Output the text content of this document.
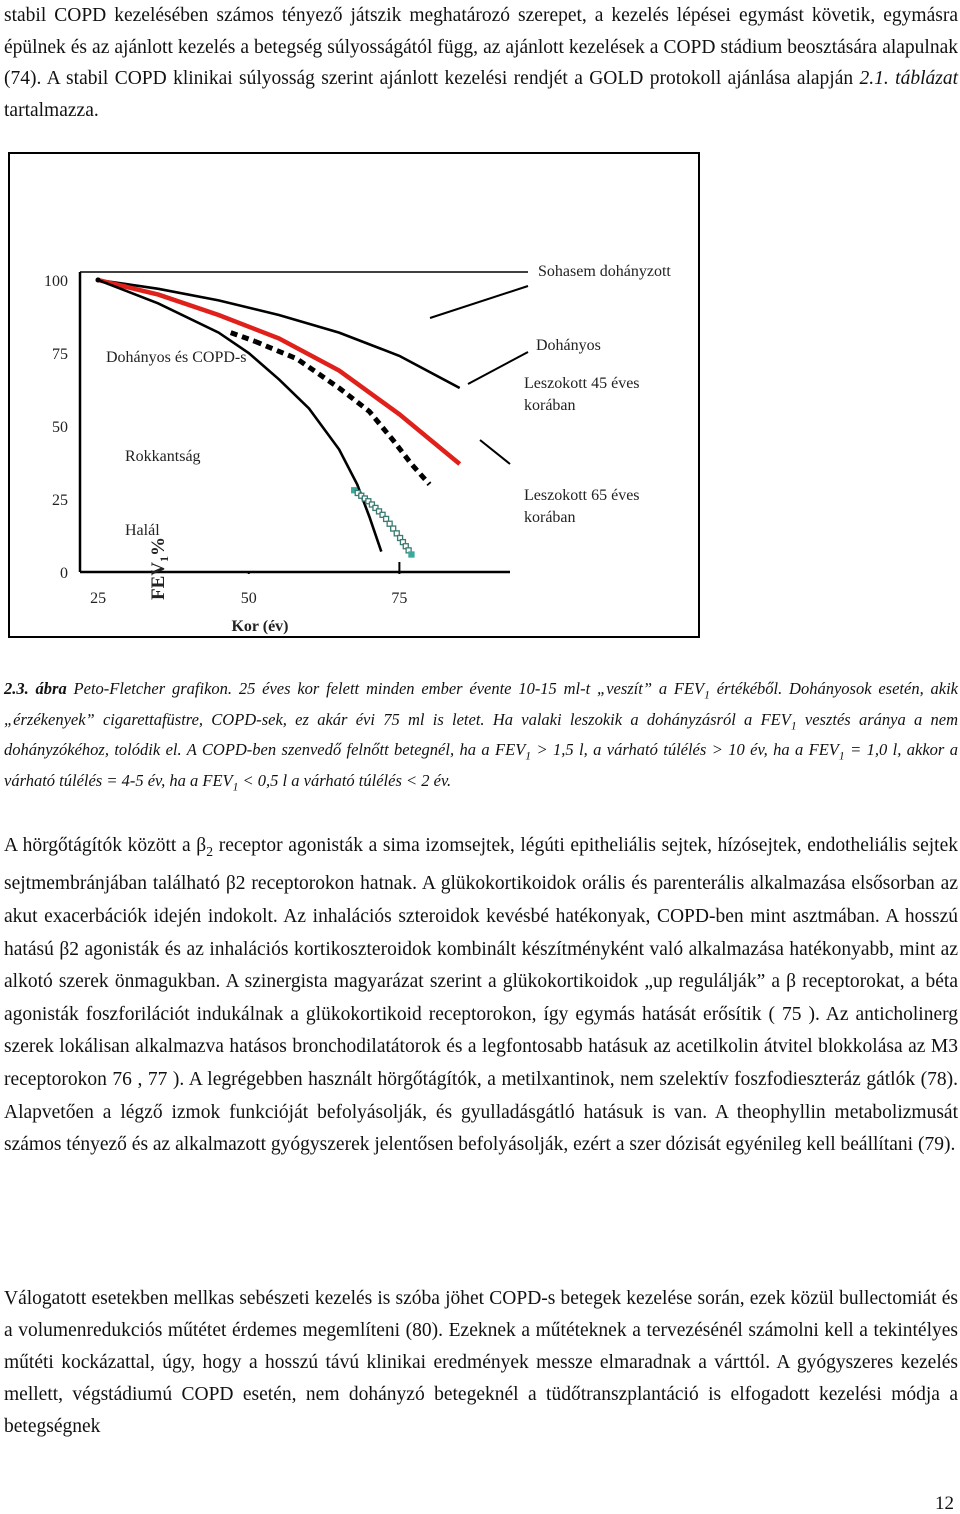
stabil COPD kezelésében számos tényező játszik meghatározó szerepet, a kezelés lépései egymást követik, egymásra épülnek és az ajánlott kezelés a betegség súlyosságától függ, az ajánlott kezelések a COPD stádium beosztására alapulnak (74). A stabil COPD klinikai súlyosság szerint ajánlott kezelési rendjét a GOLD protokoll ajánlása alapján 2.1. táblázat tartalmazza.

100
75
50
25
0
25	50	75
Kor (év)
$FEV_1\%$
Sohasem dohányzott
Dohányos és COPD-s
Dohányos
Leszokott 45 éves
korában
Rokkantság
Leszokott 65 éves
korában
Halál

2.3. ábra Peto-Fletcher grafikon. 25 éves kor felett minden ember évente 10-15 ml-t „veszít” a $FEV_1$ értékéből. Dohányosok esetén, akik „érzékenyek” cigarettafüstre, COPD-sek, ez akár évi 75 ml is letet. Ha valaki leszokik a dohányzásról a $FEV_1$ vesztés aránya a nem dohányzókéhoz, tolódik el. A COPD-ben szenvedő felnőtt betegnél, ha a $FEV_1 > 1,5$ l, a várható túlélés > 10 év, ha a $FEV_1 = 1,0$ l, akkor a várható túlélés = 4-5 év, ha a $FEV_1 < 0,5$ l a várható túlélés < 2 év.

A hörgőtágítók között a $\beta_2$ receptor agonisták a sima izomsejtek, légúti epitheliális sejtek, hízósejtek, endotheliális sejtek sejtmembránjában található β2 receptorokon hatnak. A glükokortikoidok orális és parenterális alkalmazása elsősorban az akut exacerbációk idején indokolt. Az inhalációs szteroidok kevésbé hatékonyak, COPD-ben mint asztmában. A hosszú hatású β2 agonisták és az inhalációs kortikoszteroidok kombinált készítményként való alkalmazása hatékonyabb, mint az alkotó szerek önmagukban. A szinergista magyarázat szerint a glükokortikoidok „up regulálják” a β receptorokat, a béta agonisták foszforilációt indukálnak a glükokortikoid receptorokon, így egymás hatását erősítik ( 75 ). Az anticholinerg szerek lokálisan alkalmazva hatásos bronchodilatátorok és a legfontosabb hatásuk az acetilkolin átvitel blokkolása az M3 receptorokon 76 , 77 ). A legrégebben használt hörgőtágítók, a metilxantinok, nem szelektív foszfodieszteráz gátlók (78). Alapvetően a légző izmok funkcióját befolyásolják, és gyulladásgátló hatásuk is van. A theophyllin metabolizmusát számos tényező és az alkalmazott gyógyszerek jelentősen befolyásolják, ezért a szer dózisát egyénileg kell beállítani (79).

Válogatott esetekben mellkas sebészeti kezelés is szóba jöhet COPD-s betegek kezelése során, ezek közül bullectomiát és a volumenredukciós műtétet érdemes megemlíteni (80). Ezeknek a műtéteknek a tervezésénél számolni kell a tekintélyes műtéti kockázattal, úgy, hogy a hosszú távú klinikai eredmények messze elmaradnak a várttól. A gyógyszeres kezelés mellett, végstádiumú COPD esetén, nem dohányzó betegeknél a tüdőtranszplantáció is elfogadott kezelési módja a betegségnek

12
